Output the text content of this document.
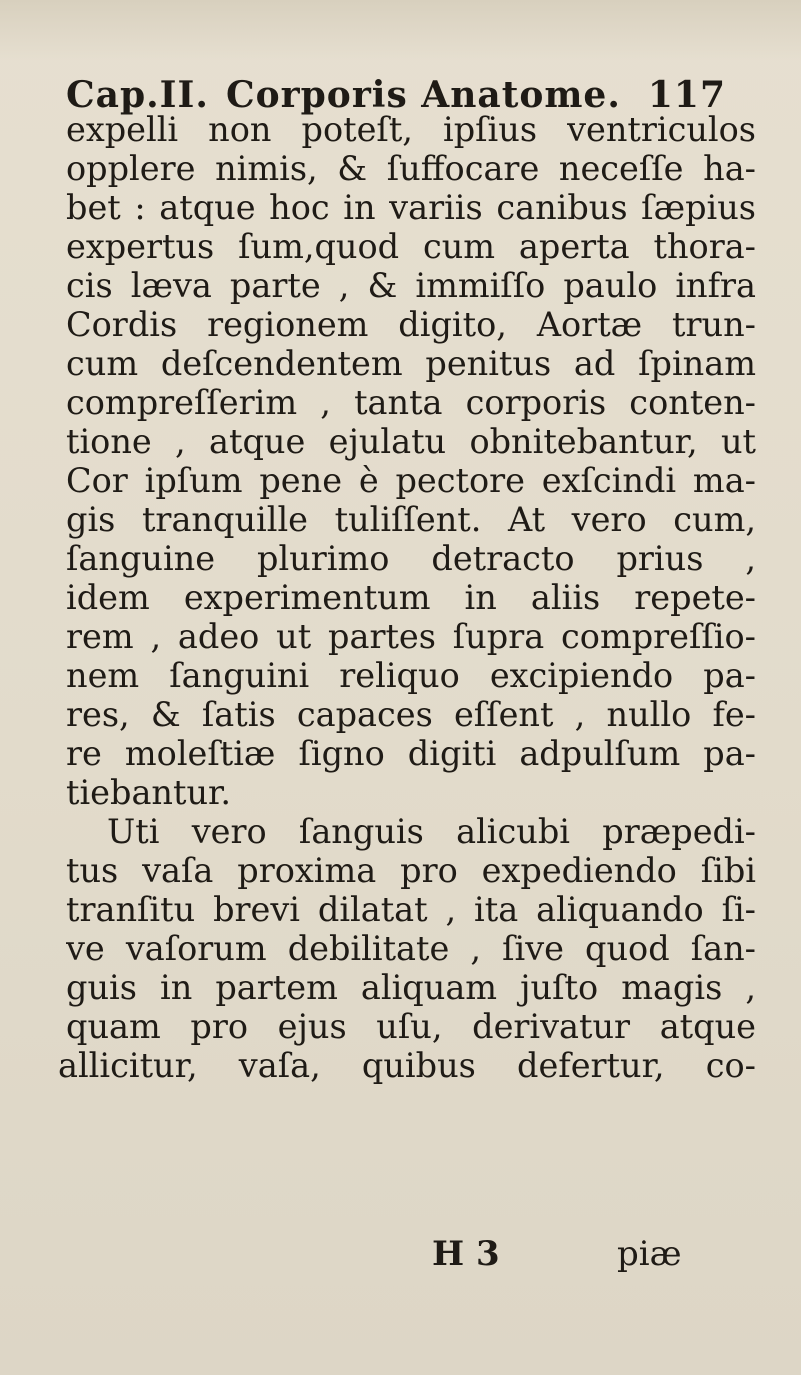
Cap.II. Corporis Anatome. 117
expelli non poteſt, ipſius ventriculos
opplere nimis, & ſuffocare neceſſe ha-
bet : atque hoc in variis canibus ſæpius
expertus ſum,quod cum aperta thora-
cis læva parte , & immiſſo paulo infra
Cordis regionem digito, Aortæ trun-
cum deſcendentem penitus ad ſpinam
compreſſerim , tanta corporis conten-
tione , atque ejulatu obnitebantur, ut
Cor ipſum pene è pectore exſcindi ma-
gis tranquille tuliſſent. At vero cum,
ſanguine plurimo detracto prius ,
idem experimentum in aliis repete-
rem , adeo ut partes ſupra compreſſio-
nem ſanguini reliquo excipiendo pa-
res, & ſatis capaces eſſent , nullo fe-
re moleſtiæ ſigno digiti adpulſum pa-
tiebantur.
Uti vero ſanguis alicubi præpedi-
tus vaſa proxima pro expediendo ſibi
tranſitu brevi dilatat , ita aliquando ſi-
ve vaſorum debilitate , ſive quod ſan-
guis in partem aliquam juſto magis ,
quam pro ejus uſu, derivatur atque
allicitur, vaſa, quibus defertur, co-
H 3	piæ
